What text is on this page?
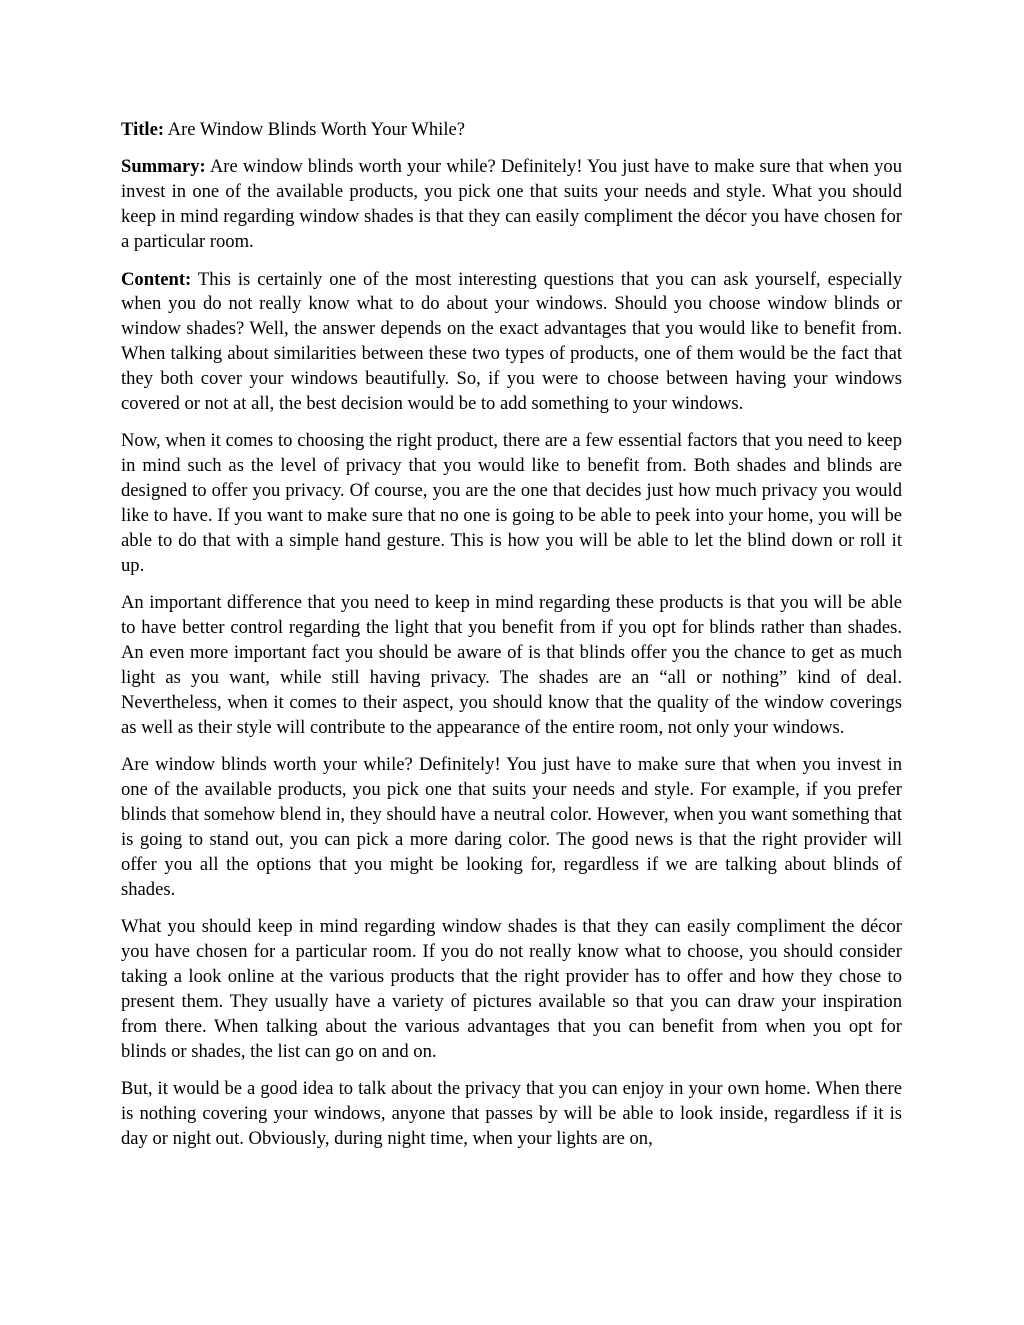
Title: Are Window Blinds Worth Your While?

Summary: Are window blinds worth your while? Definitely! You just have to make sure that when you invest in one of the available products, you pick one that suits your needs and style. What you should keep in mind regarding window shades is that they can easily compliment the décor you have chosen for a particular room.

Content: This is certainly one of the most interesting questions that you can ask yourself, especially when you do not really know what to do about your windows. Should you choose window blinds or window shades? Well, the answer depends on the exact advantages that you would like to benefit from. When talking about similarities between these two types of products, one of them would be the fact that they both cover your windows beautifully. So, if you were to choose between having your windows covered or not at all, the best decision would be to add something to your windows.

Now, when it comes to choosing the right product, there are a few essential factors that you need to keep in mind such as the level of privacy that you would like to benefit from. Both shades and blinds are designed to offer you privacy. Of course, you are the one that decides just how much privacy you would like to have. If you want to make sure that no one is going to be able to peek into your home, you will be able to do that with a simple hand gesture. This is how you will be able to let the blind down or roll it up.

An important difference that you need to keep in mind regarding these products is that you will be able to have better control regarding the light that you benefit from if you opt for blinds rather than shades. An even more important fact you should be aware of is that blinds offer you the chance to get as much light as you want, while still having privacy. The shades are an “all or nothing” kind of deal. Nevertheless, when it comes to their aspect, you should know that the quality of the window coverings as well as their style will contribute to the appearance of the entire room, not only your windows.

Are window blinds worth your while? Definitely! You just have to make sure that when you invest in one of the available products, you pick one that suits your needs and style. For example, if you prefer blinds that somehow blend in, they should have a neutral color. However, when you want something that is going to stand out, you can pick a more daring color. The good news is that the right provider will offer you all the options that you might be looking for, regardless if we are talking about blinds of shades.

What you should keep in mind regarding window shades is that they can easily compliment the décor you have chosen for a particular room. If you do not really know what to choose, you should consider taking a look online at the various products that the right provider has to offer and how they chose to present them. They usually have a variety of pictures available so that you can draw your inspiration from there. When talking about the various advantages that you can benefit from when you opt for blinds or shades, the list can go on and on.

But, it would be a good idea to talk about the privacy that you can enjoy in your own home. When there is nothing covering your windows, anyone that passes by will be able to look inside, regardless if it is day or night out. Obviously, during night time, when your lights are on,
